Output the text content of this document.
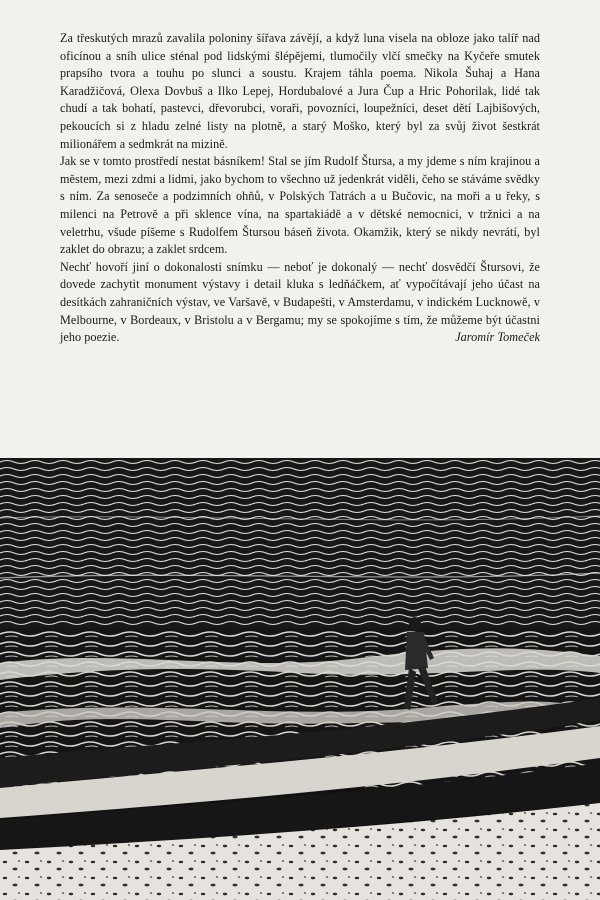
Za třeskutých mrazů zavalila poloniny šířava závějí, a když luna visela na obloze jako talíř nad oficínou a sníh ulice sténal pod lidskými šlépějemi, tlumočily vlčí smečky na Kyčeře smutek prapsího tvora a touhu po slunci a soustu. Krajem táhla poema. Nikola Šuhaj a Hana Karadžičová, Olexa Dovbuš a Ilko Lepej, Hordubalové a Jura Čup a Hric Pohorilak, lidé tak chudí a tak bohatí, pastevci, dřevorubci, voraři, povozníci, loupežníci, deset dětí Lajbišových, pekoucích si z hladu zelné listy na plotně, a starý Moško, který byl za svůj život šestkrát milionářem a sedmkrát na mizině.

Jak se v tomto prostředí nestat básníkem! Stal se jím Rudolf Štursa, a my jdeme s ním krajinou a městem, mezi zdmi a lidmi, jako bychom to všechno už jedenkrát viděli, čeho se stáváme svědky s ním. Za senoseče a podzimních ohňů, v Polských Tatrách a u Bučovic, na moři a u řeky, s milenci na Petrově a při sklence vína, na spartakiádě a v dětské nemocnici, v tržnici a na veletrhu, všude píšeme s Rudolfem Štursou báseň života. Okamžik, který se nikdy nevrátí, byl zaklet do obrazu; a zaklet srdcem.

Nechť hovoří jiní o dokonalosti snímku — neboť je dokonalý — nechť dosvědčí Štursovi, že dovede zachytit monument výstavy i detail kluka s ledňáčkem, ať vypočítávají jeho účast na desítkách zahraničních výstav, ve Varšavě, v Budapešti, v Amsterdamu, v indickém Lucknowě, v Melbourne, v Bordeaux, v Bristolu a v Bergamu; my se spokojíme s tím, že můžeme být účastni jeho poezie.	Jaromír Tomeček
